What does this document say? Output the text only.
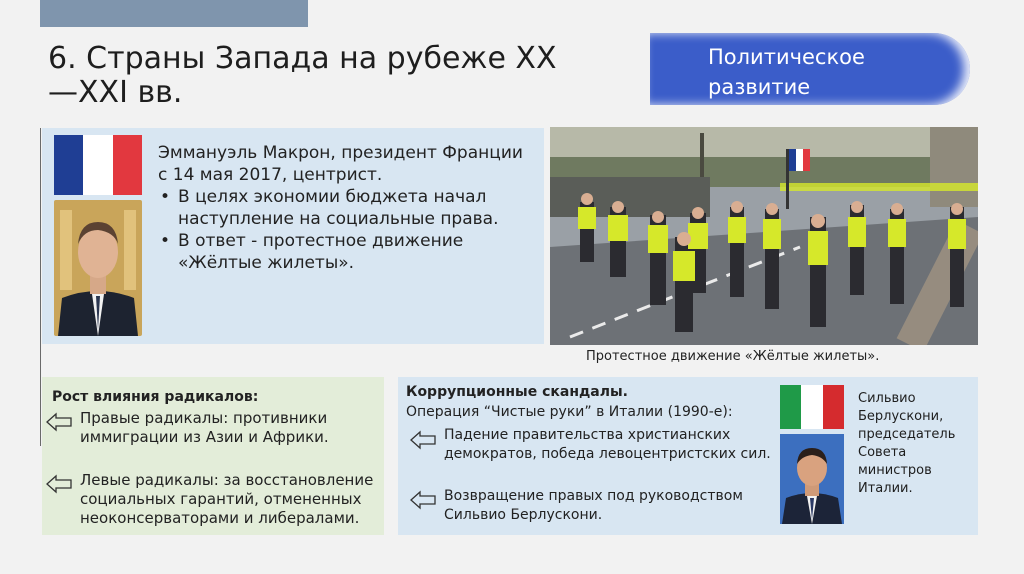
6. Страны Запада на рубеже XX—XXI вв.
Политическое развитие
Эммануэль Макрон, президент Франции с 14 мая 2017, центрист.
• В целях экономии бюджета начал наступление на социальные права.
• В ответ - протестное движение «Жёлтые жилеты».
Протестное движение «Жёлтые жилеты».
Рост влияния радикалов:
Правые радикалы: противники иммиграции из Азии и Африки.
Левые радикалы: за восстановление социальных гарантий, отмененных неоконсерваторами и либералами.
Коррупционные скандалы.
Операция “Чистые руки” в Италии (1990-е):
Падение правительства христианских демократов, победа левоцентристских сил.
Возвращение правых под руководством Сильвио Берлускони.
Сильвио Берлускони, председатель Совета министров Италии.
